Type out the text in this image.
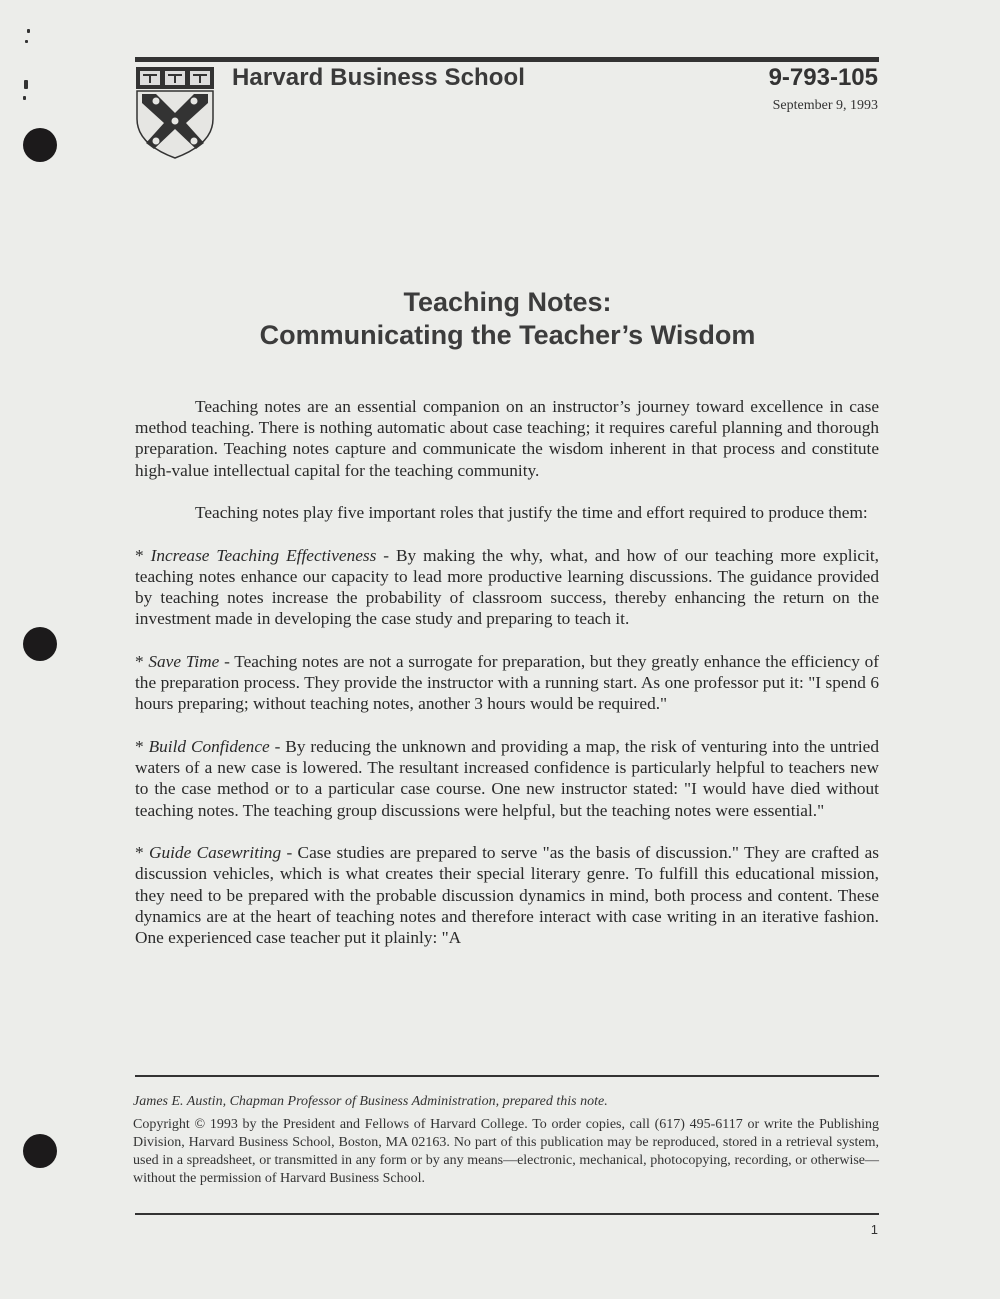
Harvard Business School	9-793-105
September 9, 1993
Teaching Notes:
Communicating the Teacher’s Wisdom

Teaching notes are an essential companion on an instructor’s journey toward excellence in case method teaching. There is nothing automatic about case teaching; it requires careful planning and thorough preparation. Teaching notes capture and communicate the wisdom inherent in that process and constitute high-value intellectual capital for the teaching community.

Teaching notes play five important roles that justify the time and effort required to produce them:

* Increase Teaching Effectiveness - By making the why, what, and how of our teaching more explicit, teaching notes enhance our capacity to lead more productive learning discussions. The guidance provided by teaching notes increase the probability of classroom success, thereby enhancing the return on the investment made in developing the case study and preparing to teach it.

* Save Time - Teaching notes are not a surrogate for preparation, but they greatly enhance the efficiency of the preparation process. They provide the instructor with a running start. As one professor put it: "I spend 6 hours preparing; without teaching notes, another 3 hours would be required."

* Build Confidence - By reducing the unknown and providing a map, the risk of venturing into the untried waters of a new case is lowered. The resultant increased confidence is particularly helpful to teachers new to the case method or to a particular case course. One new instructor stated: "I would have died without teaching notes. The teaching group discussions were helpful, but the teaching notes were essential."

* Guide Casewriting - Case studies are prepared to serve "as the basis of discussion." They are crafted as discussion vehicles, which is what creates their special literary genre. To fulfill this educational mission, they need to be prepared with the probable discussion dynamics in mind, both process and content. These dynamics are at the heart of teaching notes and therefore interact with case writing in an iterative fashion. One experienced case teacher put it plainly: "A

James E. Austin, Chapman Professor of Business Administration, prepared this note.
Copyright © 1993 by the President and Fellows of Harvard College. To order copies, call (617) 495-6117 or write the Publishing Division, Harvard Business School, Boston, MA 02163. No part of this publication may be reproduced, stored in a retrieval system, used in a spreadsheet, or transmitted in any form or by any means—electronic, mechanical, photocopying, recording, or otherwise—without the permission of Harvard Business School.
1
